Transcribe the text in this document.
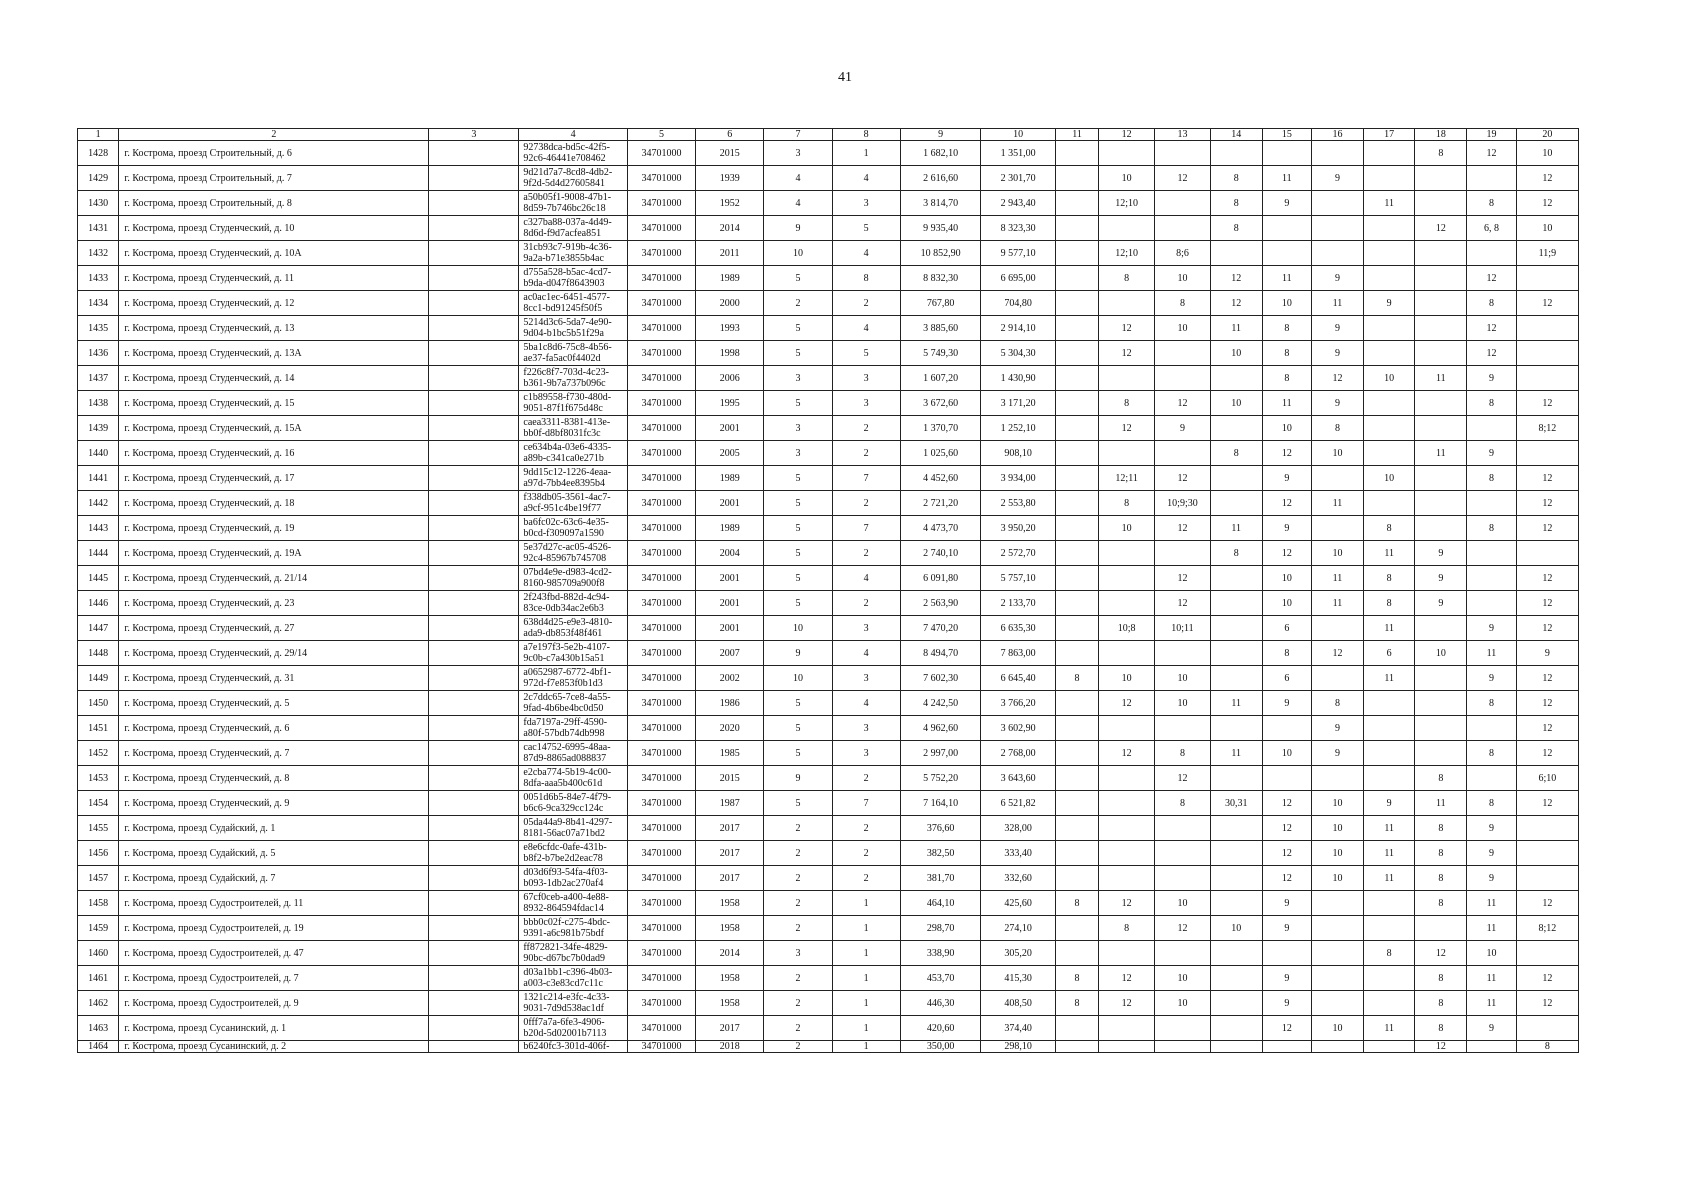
41
1	2	3	4	5	6	7	8	9	10	11	12	13	14	15	16	17	18	19	20
1428	г. Кострома, проезд Строительный, д. 6		92738dca-bd5c-42f5-92c6-46441e708462	34701000	2015	3	1	1 682,10	1 351,00								8	12	10
1429	г. Кострома, проезд Строительный, д. 7		9d21d7a7-8cd8-4db2-9f2d-5d4d27605841	34701000	1939	4	4	2 616,60	2 301,70		10	12	8	11	9				12
1430	г. Кострома, проезд Строительный, д. 8		a50b05f1-9008-47b1-8d59-7b746bc26c18	34701000	1952	4	3	3 814,70	2 943,40		12;10		8	9		11		8	12
1431	г. Кострома, проезд Студенческий, д. 10		c327ba88-037a-4d49-8d6d-f9d7acfea851	34701000	2014	9	5	9 935,40	8 323,30				8				12	6, 8	10
1432	г. Кострома, проезд Студенческий, д. 10А		31cb93c7-919b-4c36-9a2a-b71e3855b4ac	34701000	2011	10	4	10 852,90	9 577,10		12;10	8;6							11;9
1433	г. Кострома, проезд Студенческий, д. 11		d755a528-b5ac-4cd7-b9da-d047f8643903	34701000	1989	5	8	8 832,30	6 695,00		8	10	12	11	9			12	
1434	г. Кострома, проезд Студенческий, д. 12		ac0ac1ec-6451-4577-8cc1-bd91245f50f5	34701000	2000	2	2	767,80	704,80			8	12	10	11	9		8	12
1435	г. Кострома, проезд Студенческий, д. 13		5214d3c6-5da7-4e90-9d04-b1bc5b51f29a	34701000	1993	5	4	3 885,60	2 914,10		12	10	11	8	9			12	
1436	г. Кострома, проезд Студенческий, д. 13А		5ba1c8d6-75c8-4b56-ae37-fa5ac0f4402d	34701000	1998	5	5	5 749,30	5 304,30		12		10	8	9			12	
1437	г. Кострома, проезд Студенческий, д. 14		f226c8f7-703d-4c23-b361-9b7a737b096c	34701000	2006	3	3	1 607,20	1 430,90					8	12	10	11	9	
1438	г. Кострома, проезд Студенческий, д. 15		c1b89558-f730-480d-9051-87f1f675d48c	34701000	1995	5	3	3 672,60	3 171,20		8	12	10	11	9			8	12
1439	г. Кострома, проезд Студенческий, д. 15А		caea3311-8381-413e-bb0f-d8bf8031fc3c	34701000	2001	3	2	1 370,70	1 252,10		12	9		10	8				8;12
1440	г. Кострома, проезд Студенческий, д. 16		ce634b4a-03e6-4335-a89b-c341ca0e271b	34701000	2005	3	2	1 025,60	908,10				8	12	10		11	9	
1441	г. Кострома, проезд Студенческий, д. 17		9dd15c12-1226-4eaa-a97d-7bb4ee8395b4	34701000	1989	5	7	4 452,60	3 934,00		12;11	12		9		10		8	12
1442	г. Кострома, проезд Студенческий, д. 18		f338db05-3561-4ac7-a9cf-951c4be19f77	34701000	2001	5	2	2 721,20	2 553,80		8	10;9;30		12	11				12
1443	г. Кострома, проезд Студенческий, д. 19		ba6fc02c-63c6-4e35-b0cd-f309097a1590	34701000	1989	5	7	4 473,70	3 950,20		10	12	11	9		8		8	12
1444	г. Кострома, проезд Студенческий, д. 19А		5e37d27c-ac05-4526-92c4-85967b745708	34701000	2004	5	2	2 740,10	2 572,70				8	12	10	11	9		
1445	г. Кострома, проезд Студенческий, д. 21/14		07bd4e9e-d983-4cd2-8160-985709a900f8	34701000	2001	5	4	6 091,80	5 757,10			12		10	11	8	9		12
1446	г. Кострома, проезд Студенческий, д. 23		2f243fbd-882d-4c94-83ce-0db34ac2e6b3	34701000	2001	5	2	2 563,90	2 133,70			12		10	11	8	9		12
1447	г. Кострома, проезд Студенческий, д. 27		638d4d25-e9e3-4810-ada9-db853f48f461	34701000	2001	10	3	7 470,20	6 635,30		10;8	10;11		6		11		9	12
1448	г. Кострома, проезд Студенческий, д. 29/14		a7e197f3-5e2b-4107-9c0b-c7a430b15a51	34701000	2007	9	4	8 494,70	7 863,00					8	12	6	10	11	9
1449	г. Кострома, проезд Студенческий, д. 31		a0652987-6772-4bf1-972d-f7e853f0b1d3	34701000	2002	10	3	7 602,30	6 645,40	8	10	10		6		11		9	12
1450	г. Кострома, проезд Студенческий, д. 5		2c7ddc65-7ce8-4a55-9fad-4b6be4bc0d50	34701000	1986	5	4	4 242,50	3 766,20		12	10	11	9	8			8	12
1451	г. Кострома, проезд Студенческий, д. 6		fda7197a-29ff-4590-a80f-57bdb74db998	34701000	2020	5	3	4 962,60	3 602,90						9				12
1452	г. Кострома, проезд Студенческий, д. 7		cac14752-6995-48aa-87d9-8865ad088837	34701000	1985	5	3	2 997,00	2 768,00		12	8	11	10	9			8	12
1453	г. Кострома, проезд Студенческий, д. 8		e2cba774-5b19-4c00-8dfa-aaa5b400c61d	34701000	2015	9	2	5 752,20	3 643,60			12					8		6;10
1454	г. Кострома, проезд Студенческий, д. 9		0051d6b5-84e7-4f79-b6c6-9ca329cc124c	34701000	1987	5	7	7 164,10	6 521,82			8	30,31	12	10	9	11	8	12
1455	г. Кострома, проезд Судайский, д. 1		05da44a9-8b41-4297-8181-56ac07a71bd2	34701000	2017	2	2	376,60	328,00					12	10	11	8	9	
1456	г. Кострома, проезд Судайский, д. 5		e8e6cfdc-0afe-431b-b8f2-b7be2d2eac78	34701000	2017	2	2	382,50	333,40					12	10	11	8	9	
1457	г. Кострома, проезд Судайский, д. 7		d03d6f93-54fa-4f03-b093-1db2ac270af4	34701000	2017	2	2	381,70	332,60					12	10	11	8	9	
1458	г. Кострома, проезд Судостроителей, д. 11		67cf0ceb-a400-4e88-8932-864594fdac14	34701000	1958	2	1	464,10	425,60	8	12	10		9			8	11	12
1459	г. Кострома, проезд Судостроителей, д. 19		bbb0c02f-c275-4bdc-9391-a6c981b75bdf	34701000	1958	2	1	298,70	274,10		8	12	10	9				11	8;12
1460	г. Кострома, проезд Судостроителей, д. 47		ff872821-34fe-4829-90bc-d67bc7b0dad9	34701000	2014	3	1	338,90	305,20							8	12	10	
1461	г. Кострома, проезд Судостроителей, д. 7		d03a1bb1-c396-4b03-a003-c3e83cd7c11c	34701000	1958	2	1	453,70	415,30	8	12	10		9			8	11	12
1462	г. Кострома, проезд Судостроителей, д. 9		1321c214-e3fc-4c33-9031-7d9d538ac1df	34701000	1958	2	1	446,30	408,50	8	12	10		9			8	11	12
1463	г. Кострома, проезд Сусанинский, д. 1		0fff7a7a-6fe3-4906-b20d-5d02001b7113	34701000	2017	2	1	420,60	374,40					12	10	11	8	9	
1464	г. Кострома, проезд Сусанинский, д. 2		b6240fc3-301d-406f-	34701000	2018	2	1	350,00	298,10								12		8
